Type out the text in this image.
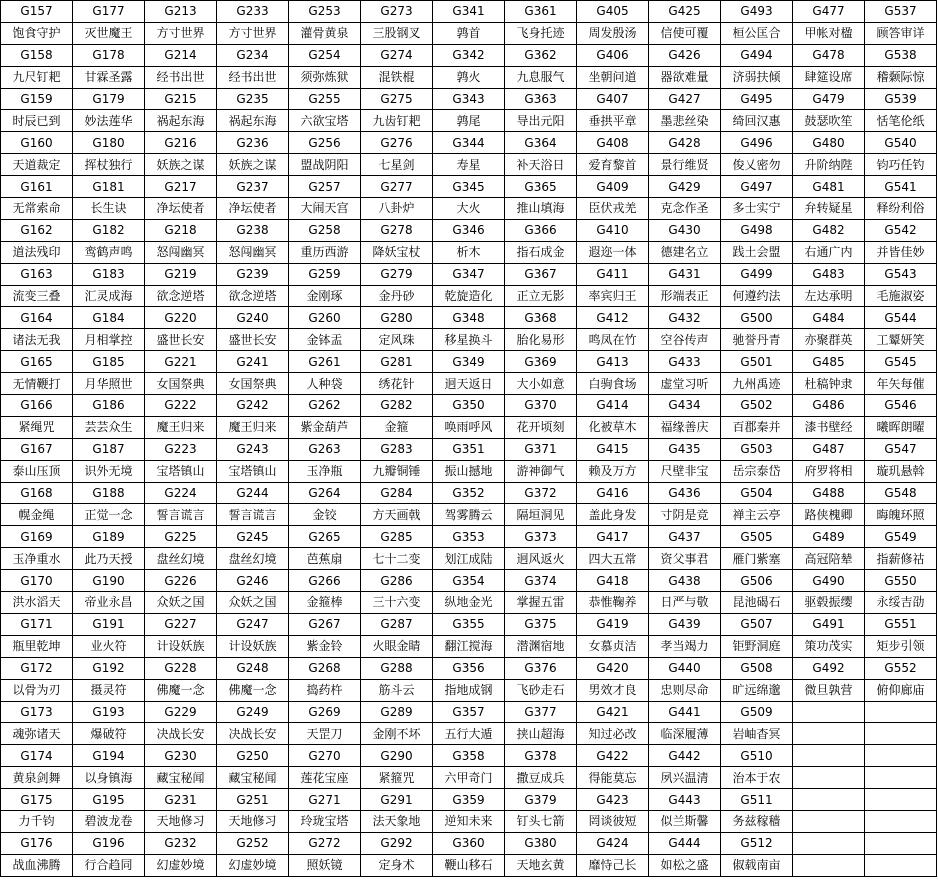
G157	G177	G213	G233	G253	G273	G341	G361	G405	G425	G493	G477	G537
饱食守护	灭世魔王	方寸世界	方寸世界	灌骨黄泉	三股钢叉	鹑首	飞身托迹	周发殷汤	信使可覆	桓公匡合	甲帐对楹	顾答审详
G158	G178	G214	G234	G254	G274	G342	G362	G406	G426	G494	G478	G538
九尺钉耙	甘霖圣露	经书出世	经书出世	须弥炼狱	混铁棍	鹑火	九息服气	坐朝问道	器欲难量	济弱扶倾	肆筵设席	稽颡际惊
G159	G179	G215	G235	G255	G275	G343	G363	G407	G427	G495	G479	G539
时辰已到	妙法莲华	祸起东海	祸起东海	六欲宝塔	九齿钉耙	鹑尾	导出元阳	垂拱平章	墨悲丝染	绮回汉惠	鼓瑟吹笙	恬笔伦纸
G160	G180	G216	G236	G256	G276	G344	G364	G408	G428	G496	G480	G540
天道裁定	挥杖独行	妖族之谋	妖族之谋	盟战阴阳	七星剑	寿星	补天浴日	爱育黎首	景行维贤	俊乂密勿	升阶纳陛	钧巧任钓
G161	G181	G217	G237	G257	G277	G345	G365	G409	G429	G497	G481	G541
无常索命	长生诀	净坛使者	净坛使者	大闹天宫	八卦炉	大火	推山填海	臣伏戎羌	克念作圣	多士实宁	弁转疑星	释纷利俗
G162	G182	G218	G238	G258	G278	G346	G366	G410	G430	G498	G482	G542
道法残印	鸾鹤声鸣	怒闯幽冥	怒闯幽冥	重历西游	降妖宝杖	析木	指石成金	遐迩一体	德建名立	践土会盟	右通广内	并皆佳妙
G163	G183	G219	G239	G259	G279	G347	G367	G411	G431	G499	G483	G543
流变三叠	汇灵成海	欲念逆塔	欲念逆塔	金刚琢	金丹砂	乾旋造化	正立无影	率宾归王	形端表正	何遵约法	左达承明	毛施淑姿
G164	G184	G220	G240	G260	G280	G348	G368	G412	G432	G500	G484	G544
诸法无我	月相掌控	盛世长安	盛世长安	金钵盂	定风珠	移星换斗	胎化易形	鸣凤在竹	空谷传声	驰誉丹青	亦聚群英	工颦妍笑
G165	G185	G221	G241	G261	G281	G349	G369	G413	G433	G501	G485	G545
无情鞭打	月华照世	女国祭典	女国祭典	人种袋	绣花针	迥天返日	大小如意	白驹食场	虚堂习听	九州禹迹	杜稿钟隶	年矢每催
G166	G186	G222	G242	G262	G282	G350	G370	G414	G434	G502	G486	G546
紧绳咒	芸芸众生	魔王归来	魔王归来	紫金葫芦	金箍	唤雨呼风	花开顷刻	化被草木	福缘善庆	百郡秦并	漆书壁经	曦晖朗曜
G167	G187	G223	G243	G263	G283	G351	G371	G415	G435	G503	G487	G547
泰山压顶	识外无境	宝塔镇山	宝塔镇山	玉净瓶	九瓣铜锤	振山撼地	游神御气	赖及万方	尺壁非宝	岳宗泰岱	府罗将相	璇玑悬斡
G168	G188	G224	G244	G264	G284	G352	G372	G416	G436	G504	G488	G548
幌金绳	正觉一念	誓言谎言	誓言谎言	金铰	方天画戟	驾雾腾云	隔垣洞见	盖此身发	寸阴是竞	禅主云亭	路侠槐卿	晦魄环照
G169	G189	G225	G245	G265	G285	G353	G373	G417	G437	G505	G489	G549
玉净重水	此乃天授	盘丝幻境	盘丝幻境	芭蕉扇	七十二变	划江成陆	迥风返火	四大五常	资父事君	雁门紫塞	高冠陪辇	指薪修祜
G170	G190	G226	G246	G266	G286	G354	G374	G418	G438	G506	G490	G550
洪水滔天	帝业永昌	众妖之国	众妖之国	金箍棒	三十六变	纵地金光	掌握五雷	恭惟鞠养	日严与敬	昆池碣石	驱毂振缨	永绥吉劭
G171	G191	G227	G247	G267	G287	G355	G375	G419	G439	G507	G491	G551
瓶里乾坤	业火符	计设妖族	计设妖族	紫金铃	火眼金睛	翻江搅海	潜渊宿地	女慕贞洁	孝当竭力	钜野洞庭	策功茂实	矩步引领
G172	G192	G228	G248	G268	G288	G356	G376	G420	G440	G508	G492	G552
以骨为刃	摄灵符	佛魔一念	佛魔一念	捣药杵	筋斗云	指地成钢	飞砂走石	男效才良	忠则尽命	旷远绵邈	微旦孰营	俯仰廊庙
G173	G193	G229	G249	G269	G289	G357	G377	G421	G441	G509		
魂弥诸天	爆破符	决战长安	决战长安	天罡刀	金刚不坏	五行大遁	挟山超海	知过必改	临深履薄	岩岫杳冥		
G174	G194	G230	G250	G270	G290	G358	G378	G422	G442	G510		
黄泉剑舞	以身镇海	藏宝秘闻	藏宝秘闻	莲花宝座	紧箍咒	六甲奇门	撒豆成兵	得能莫忘	夙兴温清	治本于农		
G175	G195	G231	G251	G271	G291	G359	G379	G423	G443	G511		
力千钧	碧波龙卷	天地修习	天地修习	玲珑宝塔	法天象地	逆知未来	钉头七箭	罔谈彼短	似兰斯馨	务兹稼穑		
G176	G196	G232	G252	G272	G292	G360	G380	G424	G444	G512		
战血沸腾	行合趋同	幻虚妙境	幻虚妙境	照妖镜	定身术	鞭山移石	天地玄黄	靡恃己长	如松之盛	俶载南亩		
